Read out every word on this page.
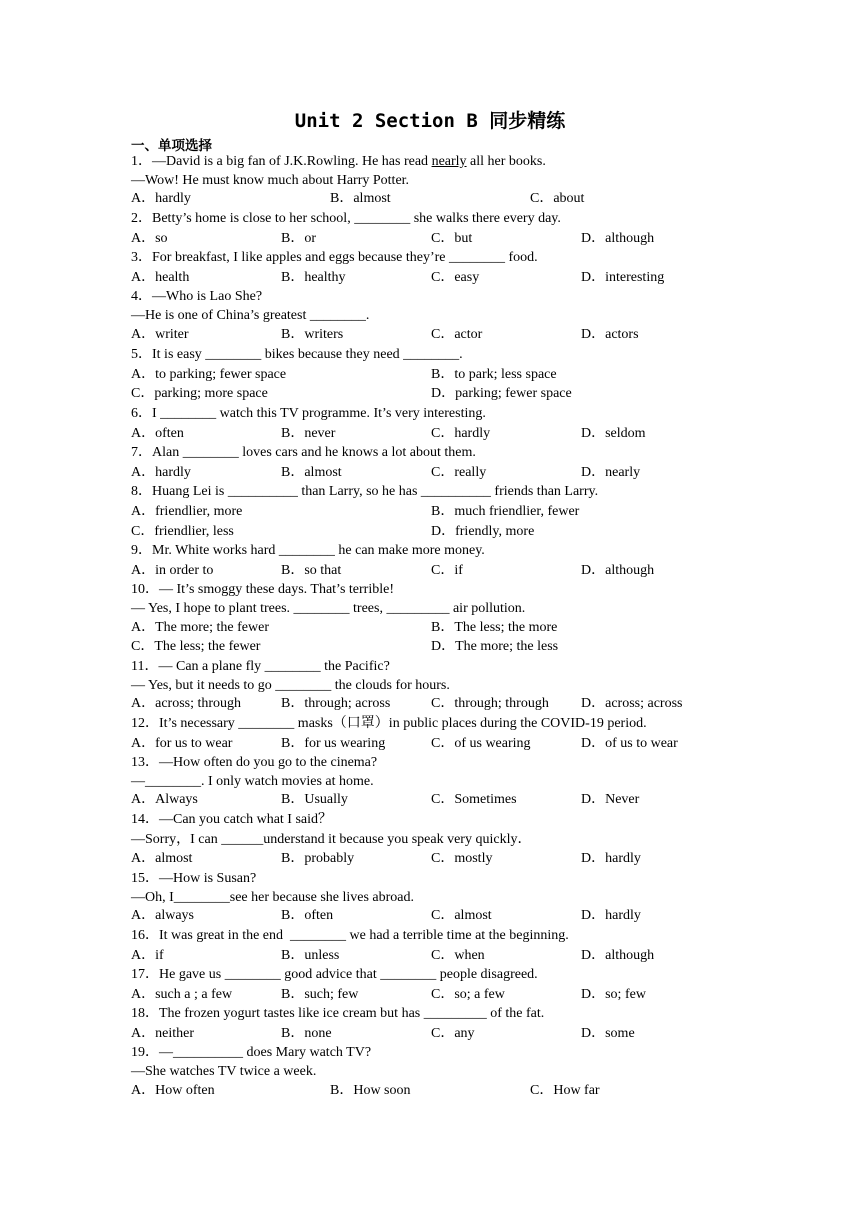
Unit 2 Section B 同步精练
一、单项选择
1．—David is a big fan of J.K.Rowling. He has read nearly all her books.
—Wow! He must know much about Harry Potter.
A．hardly	B．almost	C．about
2．Betty’s home is close to her school, ________ she walks there every day.
A．so	B．or	C．but	D．although
3．For breakfast, I like apples and eggs because they’re ________ food.
A．health	B．healthy	C．easy	D．interesting
4．—Who is Lao She?
—He is one of China’s greatest ________.
A．writer	B．writers	C．actor	D．actors
5．It is easy ________ bikes because they need ________.
A．to parking; fewer space	B．to park; less space
C．parking; more space	D．parking; fewer space
6．I ________ watch this TV programme. It’s very interesting.
A．often	B．never	C．hardly	D．seldom
7．Alan ________ loves cars and he knows a lot about them.
A．hardly	B．almost	C．really	D．nearly
8．Huang Lei is __________ than Larry, so he has __________ friends than Larry.
A．friendlier, more	B．much friendlier, fewer
C．friendlier, less	D．friendly, more
9．Mr. White works hard ________ he can make more money.
A．in order to	B．so that	C．if	D．although
10．— It’s smoggy these days. That’s terrible!
— Yes, I hope to plant trees. ________ trees, _________ air pollution.
A．The more; the fewer	B．The less; the more
C．The less; the fewer	D．The more; the less
11．— Can a plane fly ________ the Pacific?
— Yes, but it needs to go ________ the clouds for hours.
A．across; through	B．through; across	C．through; through D．across; across
12．It’s necessary ________ masks（口罩）in public places during the COVID-19 period.
A．for us to wear	B．for us wearing	C．of us wearing	D．of us to wear
13．—How often do you go to the cinema?
—________. I only watch movies at home.
A．Always	B．Usually	C．Sometimes	D．Never
14．—Can you catch what I said？
—Sorry，I can ______understand it because you speak very quickly．
A．almost	B．probably	C．mostly	D．hardly
15．—How is Susan?
—Oh, I________see her because she lives abroad.
A．always	B．often	C．almost	D．hardly
16．It was great in the end  ________ we had a terrible time at the beginning.
A．if	B．unless	C．when	D．although
17．He gave us ________ good advice that ________ people disagreed.
A．such a ; a few	B．such; few	C．so; a few	D．so; few
18．The frozen yogurt tastes like ice cream but has _________ of the fat.
A．neither	B．none	C．any	D．some
19．—__________ does Mary watch TV?
—She watches TV twice a week.
A．How often	B．How soon	C．How far
